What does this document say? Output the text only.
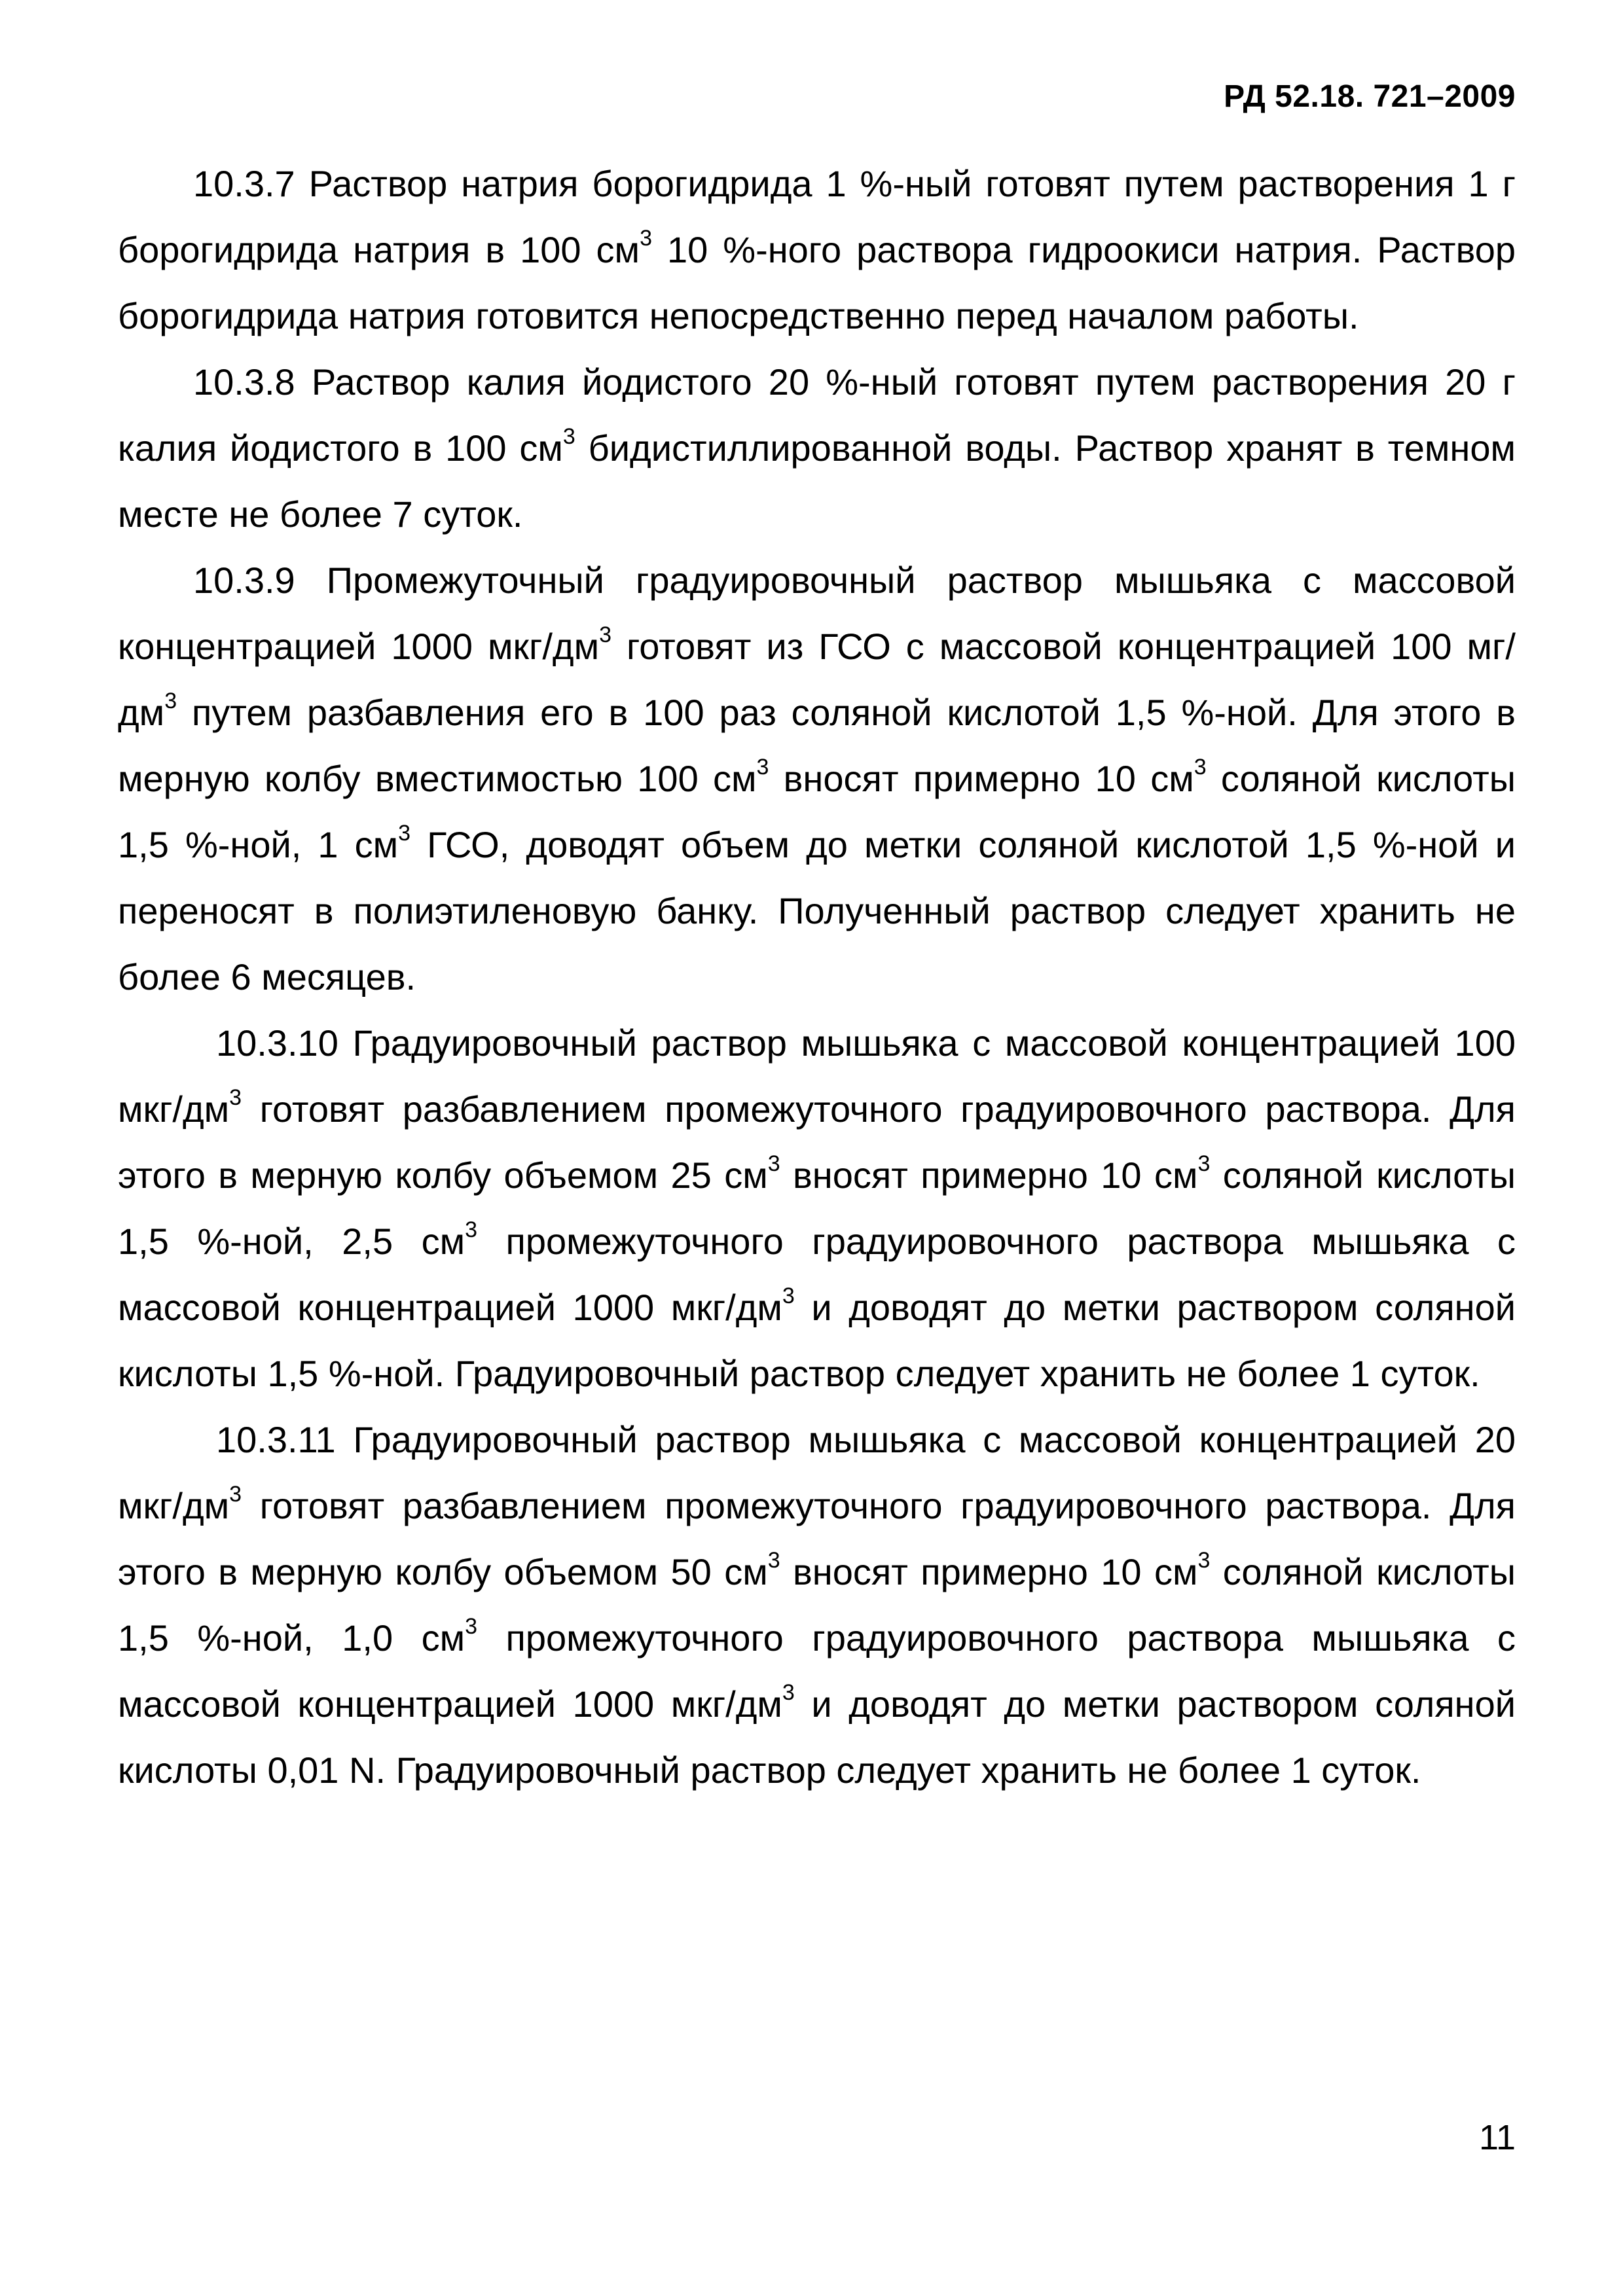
РД 52.18. 721–2009

10.3.7 Раствор натрия борогидрида 1 %-ный готовят путем растворения 1 г борогидрида натрия в 100 $см^3$ 10 %-ного раствора гидроокиси натрия. Раствор борогидрида натрия готовится непосредственно перед началом работы.

10.3.8 Раствор калия йодистого 20 %-ный готовят путем растворения 20 г калия йодистого в 100 $см^3$ бидистиллированной воды. Раствор хранят в темном месте не более 7 суток.

10.3.9 Промежуточный градуировочный раствор мышьяка с массовой концентрацией 1000 мкг/$дм^3$ готовят из ГСО с массовой концентрацией 100 $мг/дм^3$ путем разбавления его в 100 раз соляной кислотой 1,5 %-ной. Для этого в мерную колбу вместимостью 100 $см^3$ вносят примерно 10 $см^3$ соляной кислоты 1,5 %-ной, 1 $см^3$ ГСО, доводят объем до метки соляной кислотой 1,5 %-ной и переносят в полиэтиленовую банку. Полученный раствор следует хранить не более 6 месяцев.

10.3.10 Градуировочный раствор мышьяка с массовой концентрацией 100 мкг/$дм^3$ готовят разбавлением промежуточного градуировочного раствора. Для этого в мерную колбу объемом 25 $см^3$ вносят примерно 10 $см^3$ соляной кислоты 1,5 %-ной, 2,5 $см^3$ промежуточного градуировочного раствора мышьяка с массовой концентрацией 1000 мкг/$дм^3$ и доводят до метки раствором соляной кислоты 1,5 %-ной. Градуировочный раствор следует хранить не более 1 суток.

10.3.11 Градуировочный раствор мышьяка с массовой концентрацией 20 мкг/$дм^3$ готовят разбавлением промежуточного градуировочного раствора. Для этого в мерную колбу объемом 50 $см^3$ вносят примерно 10 $см^3$ соляной кислоты 1,5 %-ной, 1,0 $см^3$ промежуточного градуировочного раствора мышьяка с массовой концентрацией 1000 мкг/$дм^3$ и доводят до метки раствором соляной кислоты 0,01 N. Градуировочный раствор следует хранить не более 1 суток.

11
